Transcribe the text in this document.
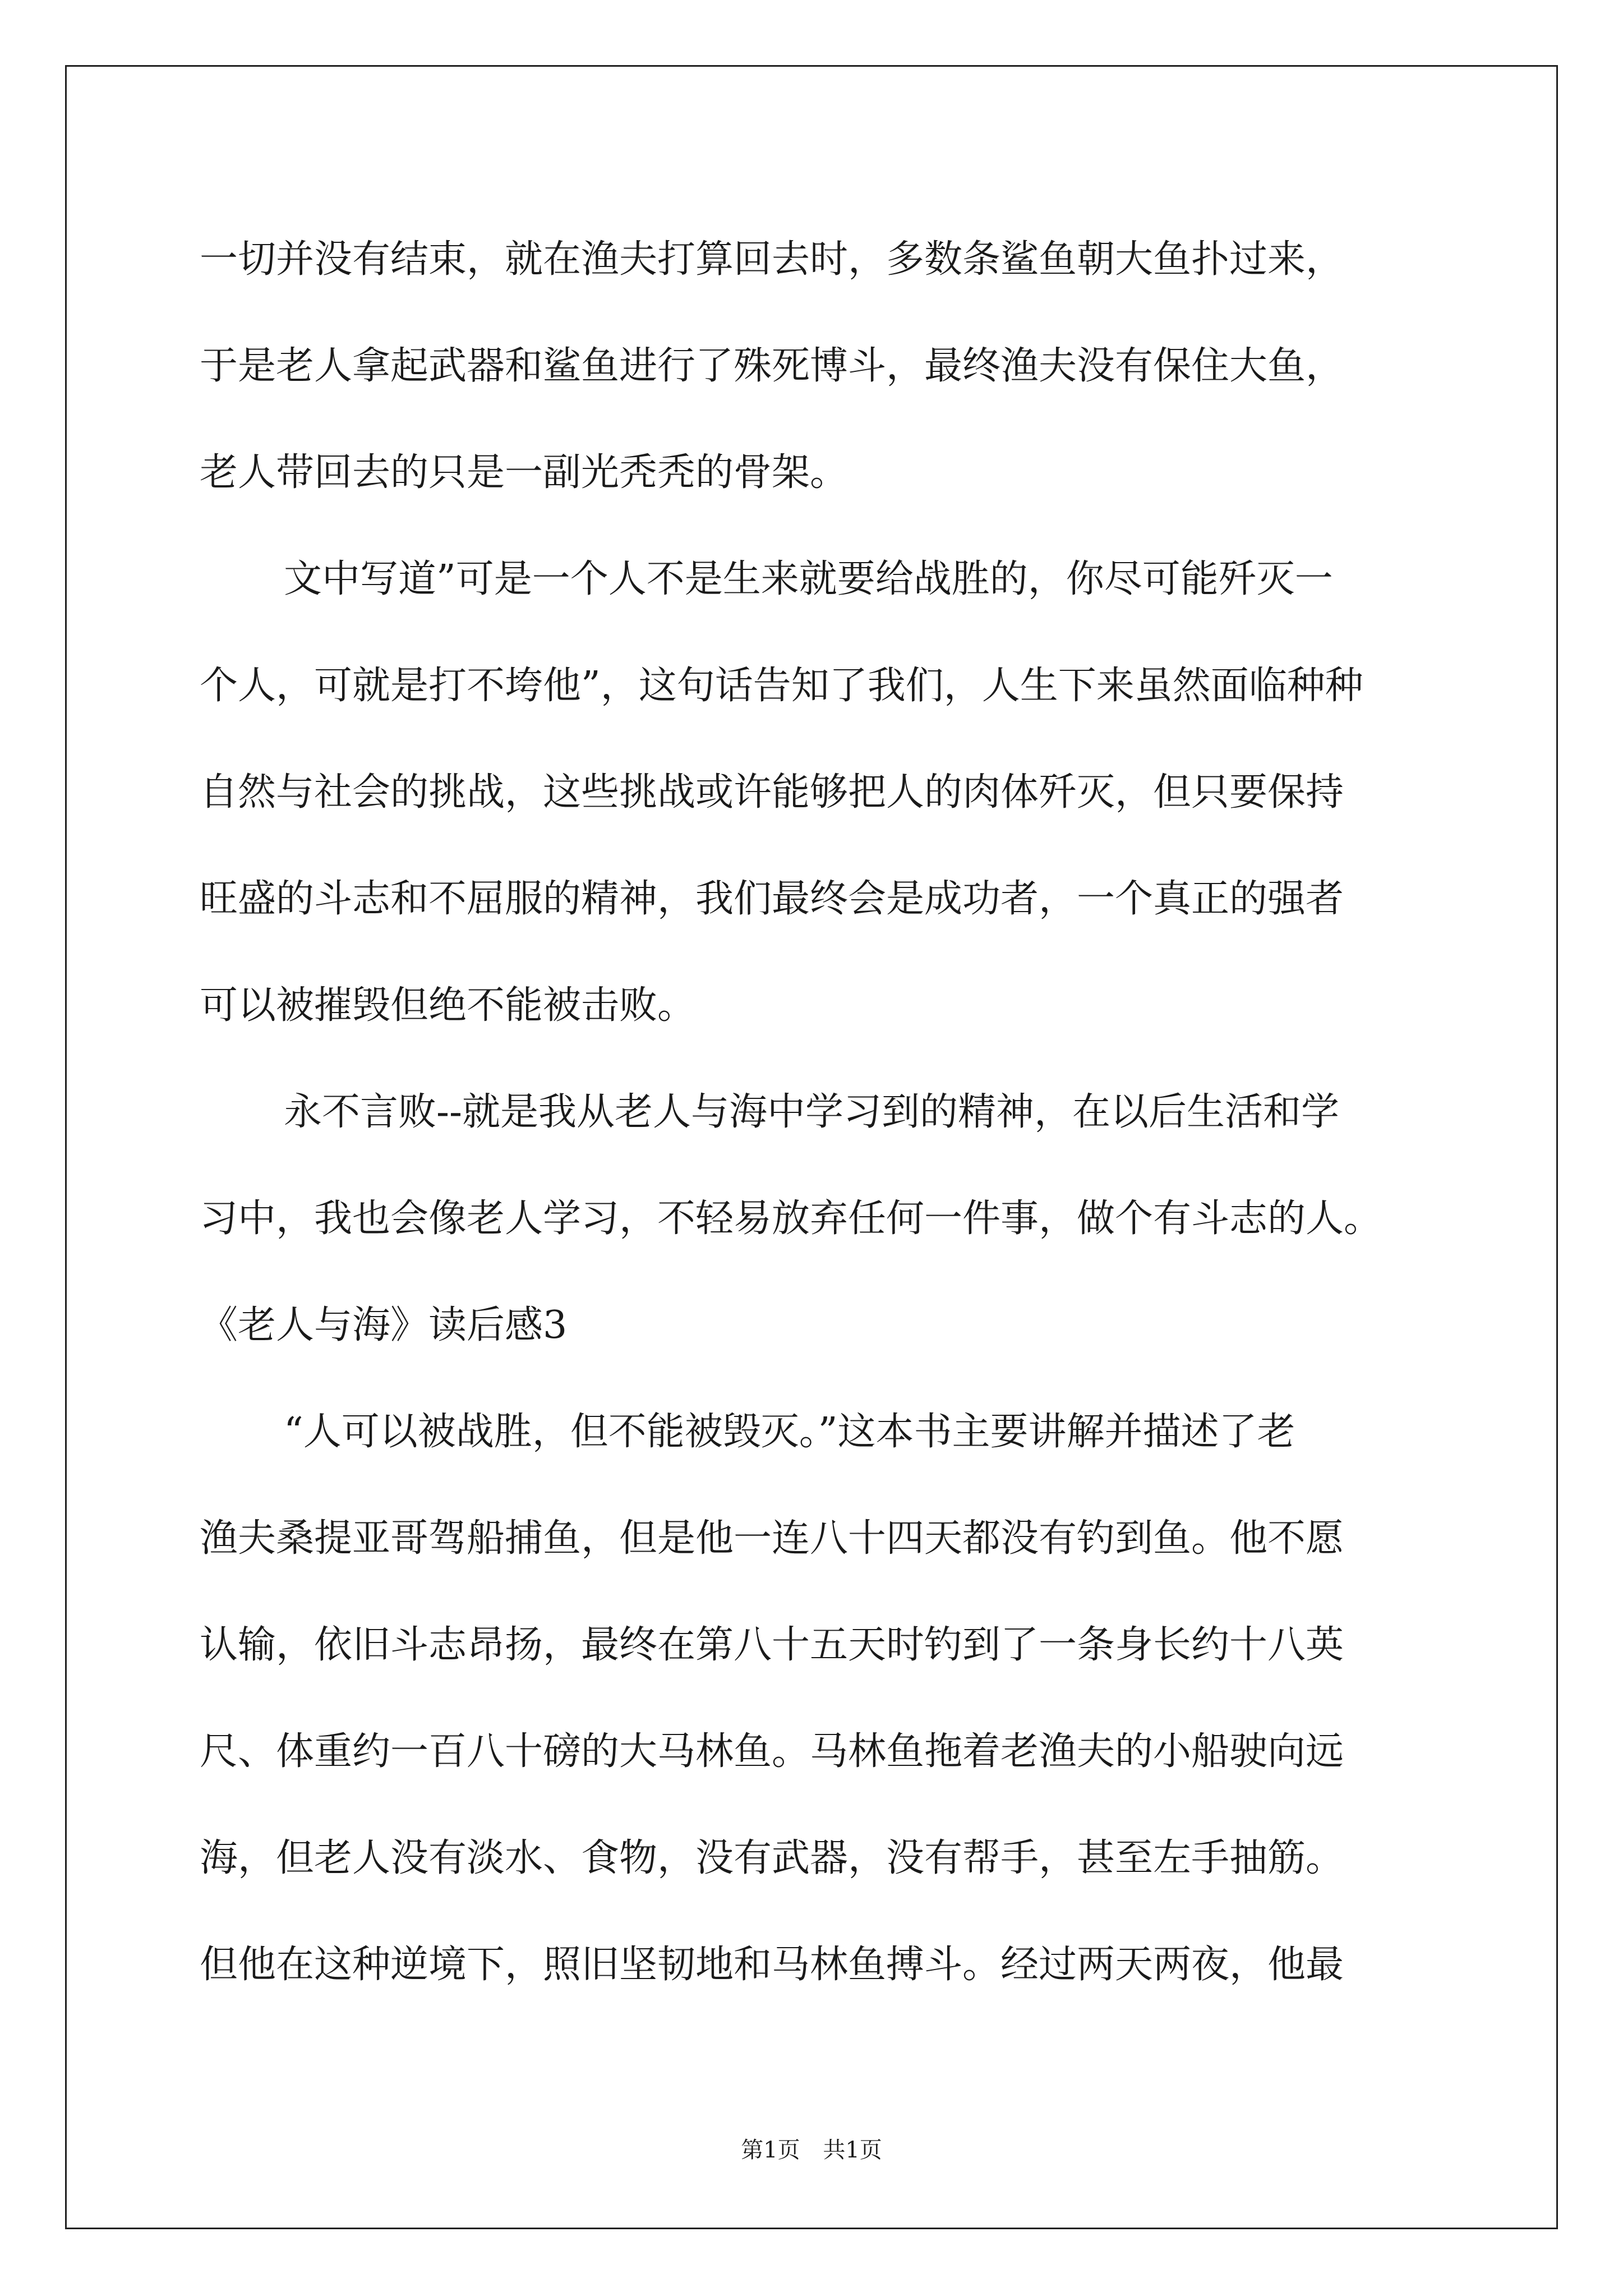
一切并没有结束，就在渔夫打算回去时，多数条鲨鱼朝大鱼扑过来，
于是老人拿起武器和鲨鱼进行了殊死博斗，最终渔夫没有保住大鱼，
老人带回去的只是一副光秃秃的骨架。
文中写道”可是一个人不是生来就要给战胜的，你尽可能歼灭一
个人，可就是打不垮他”，这句话告知了我们，人生下来虽然面临种种
自然与社会的挑战，这些挑战或许能够把人的肉体歼灭，但只要保持
旺盛的斗志和不屈服的精神，我们最终会是成功者，一个真正的强者
可以被摧毁但绝不能被击败。
永不言败--就是我从老人与海中学习到的精神，在以后生活和学
习中，我也会像老人学习，不轻易放弃任何一件事，做个有斗志的人。
《老人与海》读后感3
“人可以被战胜，但不能被毁灭。”这本书主要讲解并描述了老
渔夫桑提亚哥驾船捕鱼，但是他一连八十四天都没有钓到鱼。他不愿
认输，依旧斗志昂扬，最终在第八十五天时钓到了一条身长约十八英
尺、体重约一百八十磅的大马林鱼。马林鱼拖着老渔夫的小船驶向远
海，但老人没有淡水、食物，没有武器，没有帮手，甚至左手抽筋。
但他在这种逆境下，照旧坚韧地和马林鱼搏斗。经过两天两夜，他最
第1页 共1页
